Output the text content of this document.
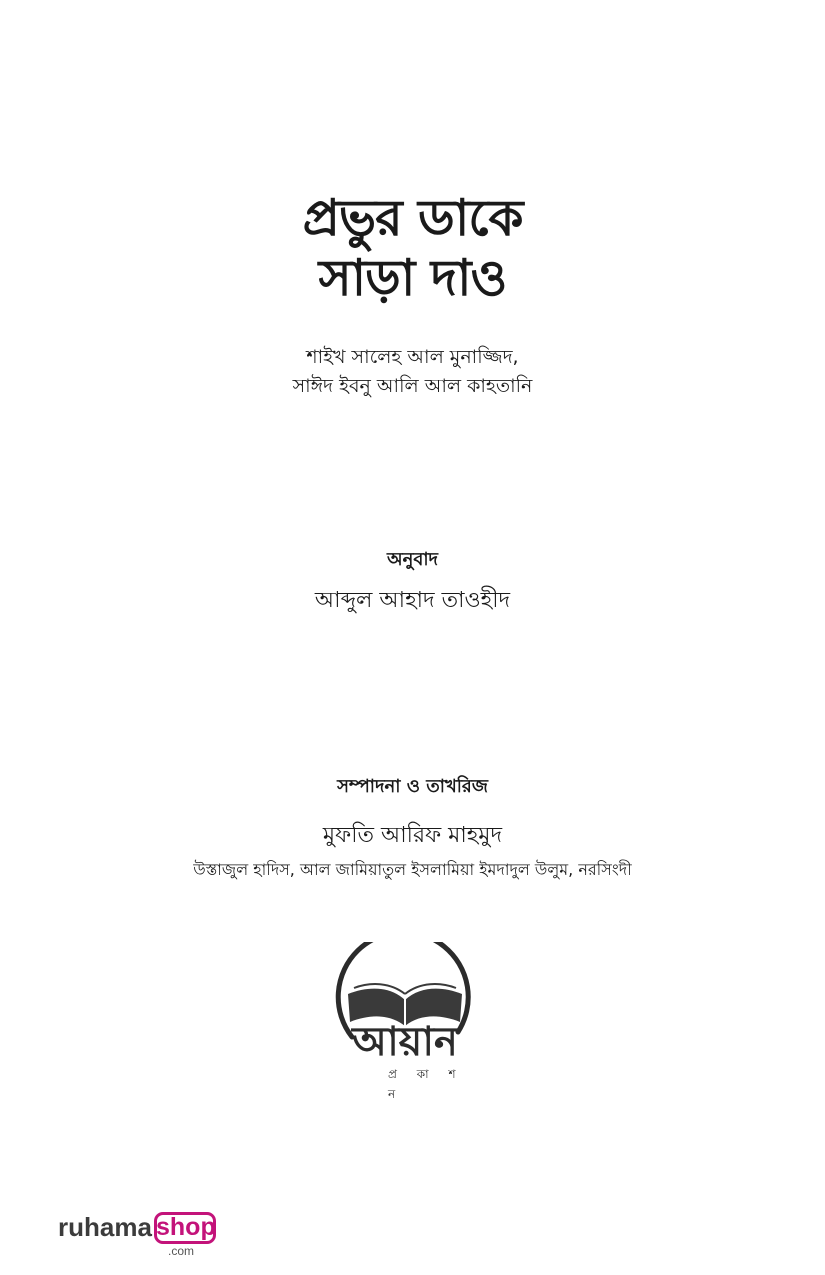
প্রভুর ডাকে
সাড়া দাও
শাইখ সালেহ আল মুনাজ্জিদ,
সাঈদ ইবনু আলি আল কাহতানি
অনুবাদ
আব্দুল আহাদ তাওহীদ
সম্পাদনা ও তাখরিজ
মুফতি আরিফ মাহমুদ
উস্তাজুল হাদিস, আল জামিয়াতুল ইসলামিয়া ইমদাদুল উলুম, নরসিংদী
আয়ান
প্র কা শ ন
ruhama shop
.com
